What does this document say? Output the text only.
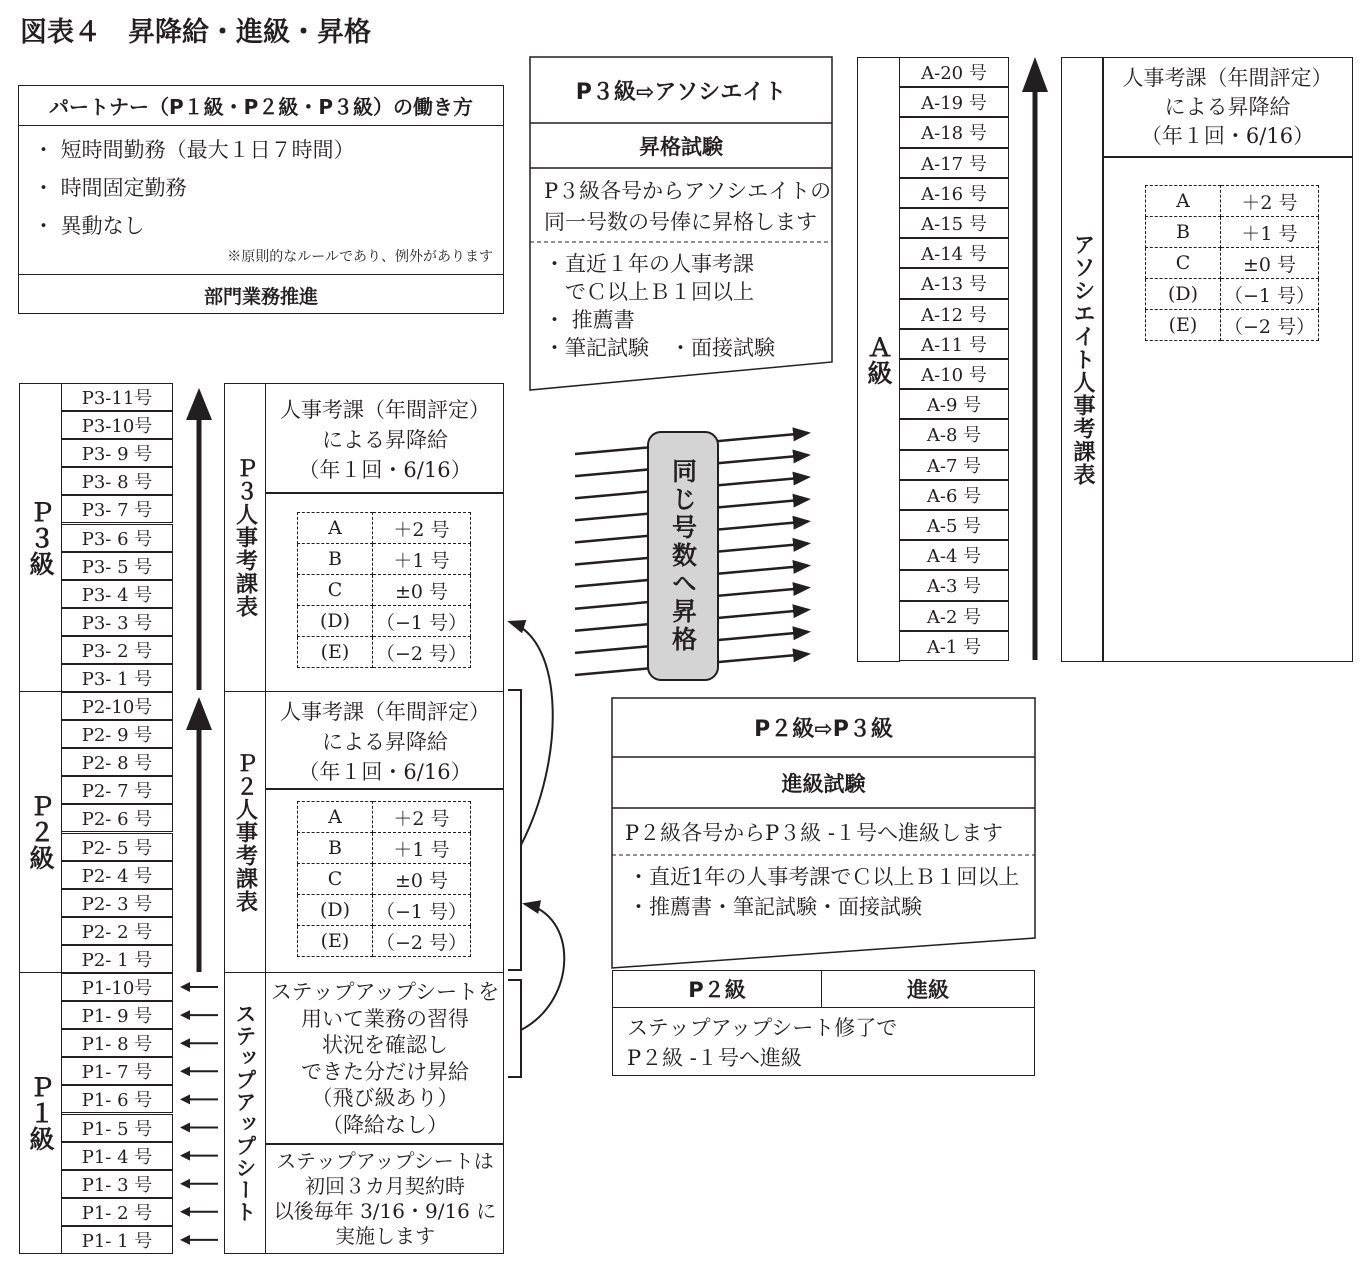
図表４　昇降給・進級・昇格
パートナー（P１級・P２級・P３級）の働き方
・ 短時間勤務（最大１日７時間）
・ 時間固定勤務
・ 異動なし
※原則的なルールであり、例外があります
部門業務推進
P３級⇨アソシエイト
昇格試験
P３級各号からアソシエイトの
同一号数の号俸に昇格します
・直近１年の人事考課
　でＣ以上Ｂ１回以上
・ 推薦書
・筆記試験　・面接試験	Ａ級
A-20 号
A-19 号
A-18 号
A-17 号
A-16 号
A-15 号
A-14 号
A-13 号
A-12 号
A-11 号
A-10 号
A-9 号
A-8 号
A-7 号
A-6 号
A-5 号
A-4 号
A-3 号
A-2 号
A-1 号
アソシエイト人事考課表
人事考課（年間評定）
による昇降給
（年１回・6/16）
A	＋2 号
B	＋1 号
C	±0 号
(D)	（−1 号）
(E)	（−2 号）
Ｐ３級
Ｐ２級
Ｐ１級
P3-11号
P3-10号
P3- 9 号
P3- 8 号
P3- 7 号
P3- 6 号
P3- 5 号
P3- 4 号
P3- 3 号
P3- 2 号
P3- 1 号
P2-10号
P2- 9 号
P2- 8 号
P2- 7 号
P2- 6 号
P2- 5 号
P2- 4 号
P2- 3 号
P2- 2 号
P2- 1 号
P1-10号
P1- 9 号
P1- 8 号
P1- 7 号
P1- 6 号
P1- 5 号
P1- 4 号
P1- 3 号
P1- 2 号
P1- 1 号
Ｐ３人事考課表
人事考課（年間評定）
による昇降給
（年１回・6/16）
A	＋2 号
B	＋1 号
C	±0 号
(D)	（−1 号）
(E)	（−2 号）
Ｐ２人事考課表
人事考課（年間評定）
による昇降給
（年１回・6/16）
A	＋2 号
B	＋1 号
C	±0 号
(D)	（−1 号）
(E)	（−2 号）
ステップアップシート
ステップアップシートを
用いて業務の習得
状況を確認し
できた分だけ昇給
（飛び級あり）
（降給なし）
ステップアップシートは
初回３カ月契約時
以後毎年 3/16・9/16 に
実施します
同じ号数へ昇格
P２級⇨P３級
進級試験
P２級各号からP３級 -１号へ進級します
・直近1年の人事考課でＣ以上Ｂ１回以上
・推薦書・筆記試験・面接試験
P２級	進級
ステップアップシート修了で
P２級 -１号へ進級
